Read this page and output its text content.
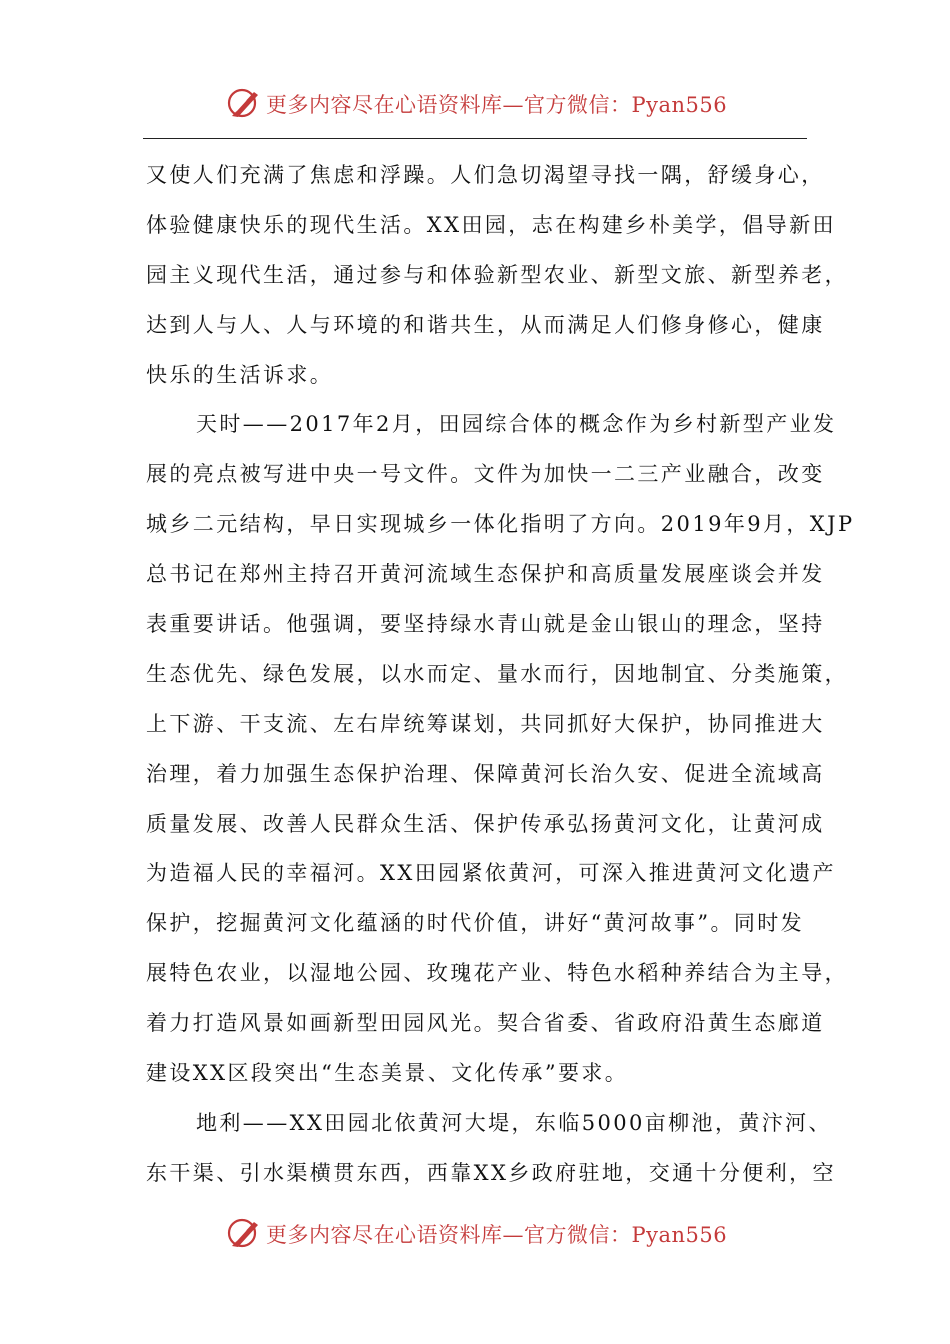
更多内容尽在心语资料库—官方微信：Pyan556
又使人们充满了焦虑和浮躁。人们急切渴望寻找一隅，舒缓身心，
体验健康快乐的现代生活。XX田园，志在构建乡朴美学，倡导新田
园主义现代生活，通过参与和体验新型农业、新型文旅、新型养老，
达到人与人、人与环境的和谐共生，从而满足人们修身修心，健康
快乐的生活诉求。
天时——2017年2月，田园综合体的概念作为乡村新型产业发
展的亮点被写进中央一号文件。文件为加快一二三产业融合，改变
城乡二元结构，早日实现城乡一体化指明了方向。2019年9月，XJP
总书记在郑州主持召开黄河流域生态保护和高质量发展座谈会并发
表重要讲话。他强调，要坚持绿水青山就是金山银山的理念，坚持
生态优先、绿色发展，以水而定、量水而行，因地制宜、分类施策，
上下游、干支流、左右岸统筹谋划，共同抓好大保护，协同推进大
治理，着力加强生态保护治理、保障黄河长治久安、促进全流域高
质量发展、改善人民群众生活、保护传承弘扬黄河文化，让黄河成
为造福人民的幸福河。XX田园紧依黄河，可深入推进黄河文化遗产
保护，挖掘黄河文化蕴涵的时代价值，讲好“黄河故事”。同时发
展特色农业，以湿地公园、玫瑰花产业、特色水稻种养结合为主导，
着力打造风景如画新型田园风光。契合省委、省政府沿黄生态廊道
建设XX区段突出“生态美景、文化传承”要求。
地利——XX田园北依黄河大堤，东临5000亩柳池，黄汴河、
东干渠、引水渠横贯东西，西靠XX乡政府驻地，交通十分便利，空
更多内容尽在心语资料库—官方微信：Pyan556
